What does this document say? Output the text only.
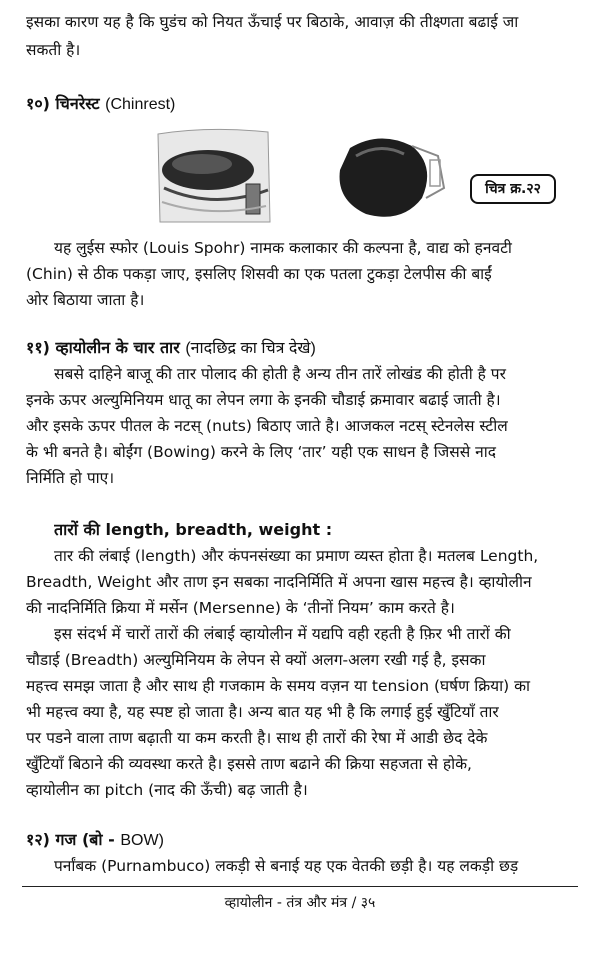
इसका कारण यह है कि घुडंच को नियत ऊँचाई पर बिठाके, आवाज़ की तीक्ष्णता बढाई जा
सकती है।
१०) चिनरेस्ट (Chinrest)
चित्र क्र.२२
यह लुईस स्फोर (Louis Spohr) नामक कलाकार की कल्पना है, वाद्य को हनवटी
(Chin) से ठीक पकड़ा जाए, इसलिए शिसवी का एक पतला टुकड़ा टेलपीस की बाईं
ओर बिठाया जाता है।
११) व्हायोलीन के चार तार (नादछिद्र का चित्र देखे)
सबसे दाहिने बाजू की तार पोलाद की होती है अन्य तीन तारें लोखंड की होती है पर
इनके ऊपर अल्युमिनियम धातू का लेपन लगा के इनकी चौडाई क्रमावार बढाई जाती है।
और इसके ऊपर पीतल के नटस् (nuts) बिठाए जाते है। आजकल नटस् स्टेनलेस स्टील
के भी बनते है। बोईंग (Bowing) करने के लिए ‘तार’ यही एक साधन है जिससे नाद
निर्मिति हो पाए।
तारों की length, breadth, weight :
तार की लंबाई (length) और कंपनसंख्या का प्रमाण व्यस्त होता है। मतलब Length,
Breadth, Weight और ताण इन सबका नादनिर्मिति में अपना खास महत्त्व है। व्हायोलीन
की नादनिर्मिति क्रिया में मर्सेन (Mersenne) के ‘तीनों नियम’ काम करते है।
इस संदर्भ में चारों तारों की लंबाई व्हायोलीन में यद्यपि वही रहती है फ़िर भी तारों की
चौडाई (Breadth) अल्युमिनियम के लेपन से क्यों अलग-अलग रखी गई है, इसका
महत्त्व समझ जाता है और साथ ही गजकाम के समय वज़न या tension (घर्षण क्रिया) का
भी महत्त्व क्या है, यह स्पष्ट हो जाता है। अन्य बात यह भी है कि लगाई हुई खुँटियाँ तार
पर पडने वाला ताण बढ़ाती या कम करती है। साथ ही तारों की रेषा में आडी छेद देके
खुँटियाँ बिठाने की व्यवस्था करते है। इससे ताण बढाने की क्रिया सहजता से होके,
व्हायोलीन का pitch (नाद की ऊँची) बढ़ जाती है।
१२) गज (बो - BOW)
पर्नांबक (Purnambuco) लकड़ी से बनाई यह एक वेतकी छड़ी है। यह लकड़ी छड़
व्हायोलीन - तंत्र और मंत्र / ३५
